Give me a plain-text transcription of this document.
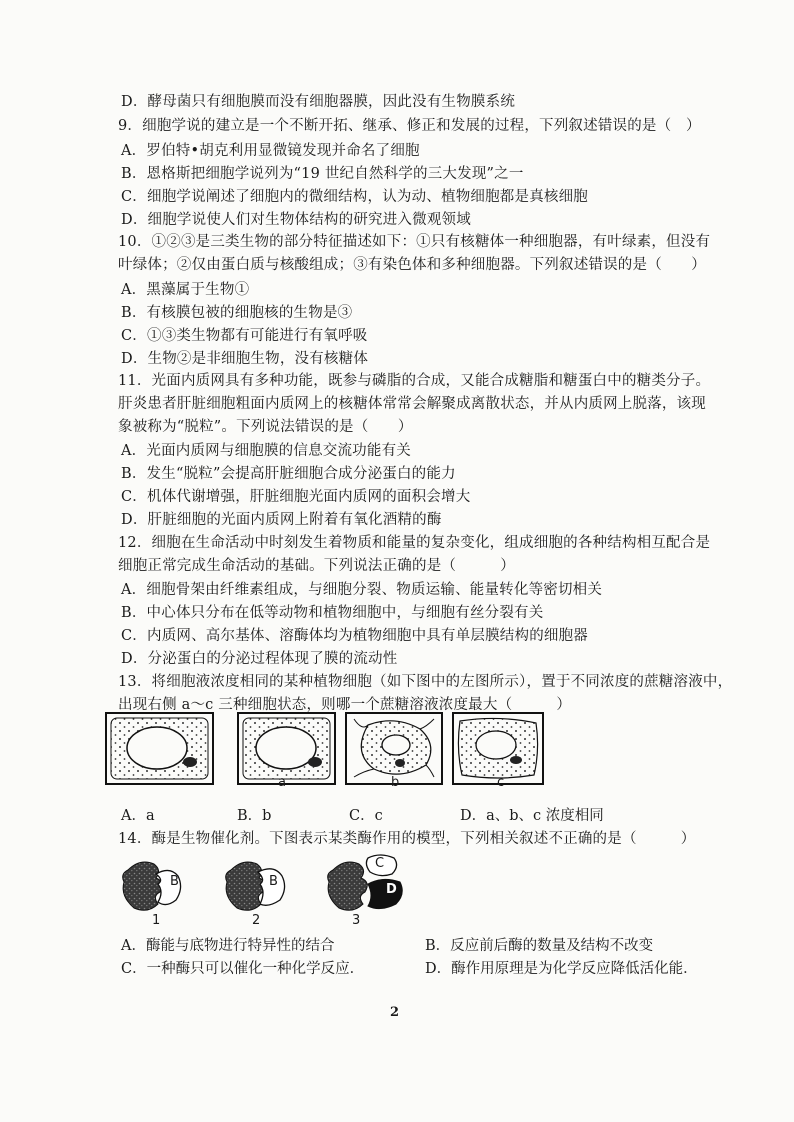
D．酵母菌只有细胞膜而没有细胞器膜，因此没有生物膜系统
9．细胞学说的建立是一个不断开拓、继承、修正和发展的过程，下列叙述错误的是（　）
A．罗伯特•胡克利用显微镜发现并命名了细胞
B．恩格斯把细胞学说列为“19 世纪自然科学的三大发现”之一
C．细胞学说阐述了细胞内的微细结构，认为动、植物细胞都是真核细胞
D．细胞学说使人们对生物体结构的研究进入微观领域
10．①②③是三类生物的部分特征描述如下：①只有核糖体一种细胞器，有叶绿素，但没有
叶绿体；②仅由蛋白质与核酸组成；③有染色体和多种细胞器。下列叙述错误的是（　　）
A．黑藻属于生物①
B．有核膜包被的细胞核的生物是③
C．①③类生物都有可能进行有氧呼吸
D．生物②是非细胞生物，没有核糖体
11．光面内质网具有多种功能，既参与磷脂的合成，又能合成糖脂和糖蛋白中的糖类分子。
肝炎患者肝脏细胞粗面内质网上的核糖体常常会解聚成离散状态，并从内质网上脱落，该现
象被称为“脱粒”。下列说法错误的是（　　）
A．光面内质网与细胞膜的信息交流功能有关
B．发生“脱粒”会提高肝脏细胞合成分泌蛋白的能力
C．机体代谢增强，肝脏细胞光面内质网的面积会增大
D．肝脏细胞的光面内质网上附着有氧化酒精的酶
12．细胞在生命活动中时刻发生着物质和能量的复杂变化，组成细胞的各种结构相互配合是
细胞正常完成生命活动的基础。下列说法正确的是（　　　）
A．细胞骨架由纤维素组成，与细胞分裂、物质运输、能量转化等密切相关
B．中心体只分布在低等动物和植物细胞中，与细胞有丝分裂有关
C．内质网、高尔基体、溶酶体均为植物细胞中具有单层膜结构的细胞器
D．分泌蛋白的分泌过程体现了膜的流动性
13．将细胞液浓度相同的某种植物细胞（如下图中的左图所示），置于不同浓度的蔗糖溶液中，
出现右侧 a～c 三种细胞状态，则哪一个蔗糖溶液浓度最大（　　　）
a	b	c
A．a	B．b	C．c	D．a、b、c 浓度相同
14．酶是生物催化剂。下图表示某类酶作用的模型，下列相关叙述不正确的是（　　　）
B	B
C
D
1	2	3
A．酶能与底物进行特异性的结合	B．反应前后酶的数量及结构不改变
C．一种酶只可以催化一种化学反应．	D．酶作用原理是为化学反应降低活化能．
2
